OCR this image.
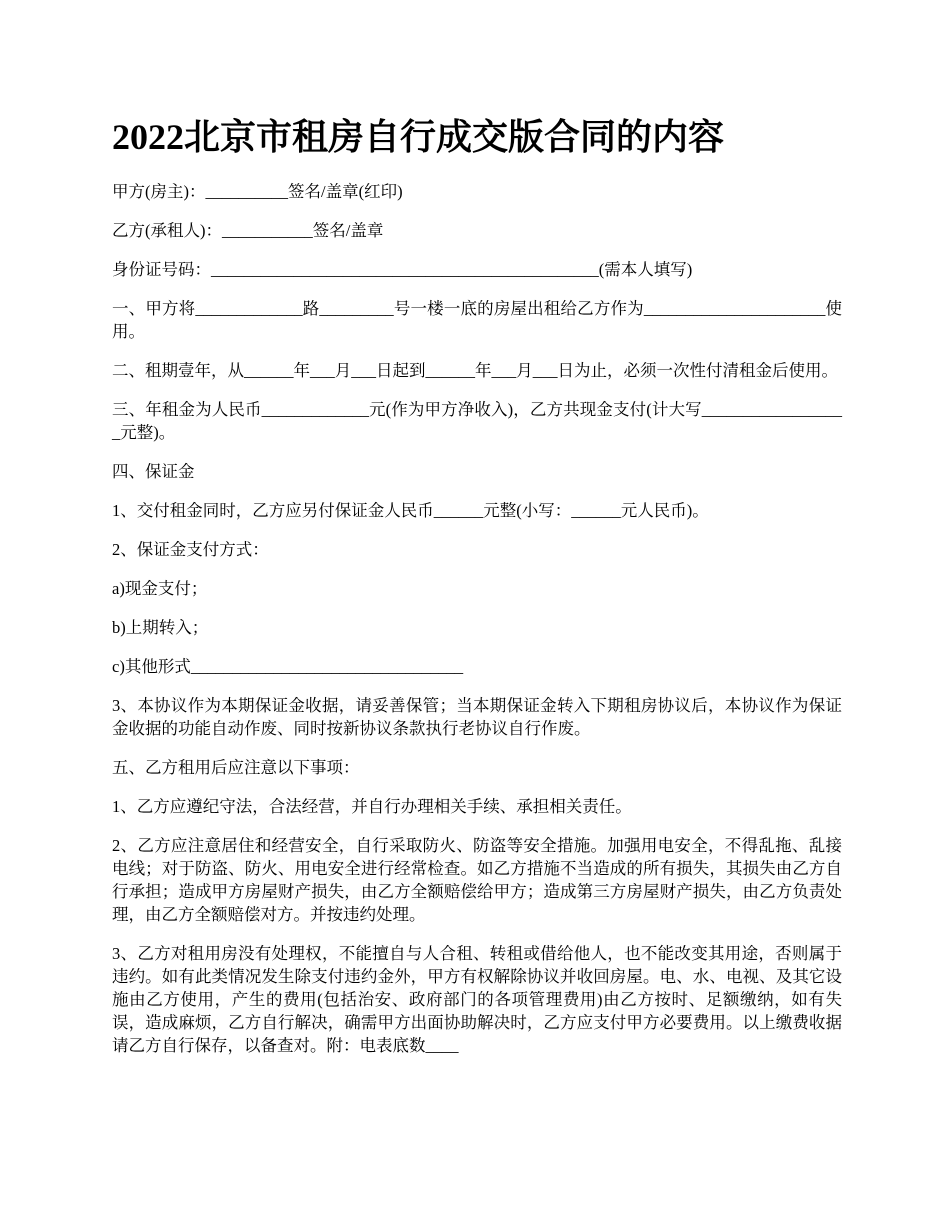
2022北京市租房自行成交版合同的内容

甲方(房主)：__________签名/盖章(红印)

乙方(承租人)：___________签名/盖章

身份证号码：_______________________________________________(需本人填写)

一、甲方将_____________路_________号一楼一底的房屋出租给乙方作为______________________使用。

二、租期壹年，从______年___月___日起到______年___月___日为止，必须一次性付清租金后使用。

三、年租金为人民币_____________元(作为甲方净收入)，乙方共现金支付(计大写__________________元整)。

四、保证金

1、交付租金同时，乙方应另付保证金人民币______元整(小写：______元人民币)。

2、保证金支付方式：

a)现金支付；

b)上期转入；

c)其他形式_________________________________

3、本协议作为本期保证金收据，请妥善保管；当本期保证金转入下期租房协议后，本协议作为保证金收据的功能自动作废、同时按新协议条款执行老协议自行作废。

五、乙方租用后应注意以下事项：

1、乙方应遵纪守法，合法经营，并自行办理相关手续、承担相关责任。

2、乙方应注意居住和经营安全，自行采取防火、防盗等安全措施。加强用电安全，不得乱拖、乱接电线；对于防盗、防火、用电安全进行经常检查。如乙方措施不当造成的所有损失，其损失由乙方自行承担；造成甲方房屋财产损失，由乙方全额赔偿给甲方；造成第三方房屋财产损失，由乙方负责处理，由乙方全额赔偿对方。并按违约处理。

3、乙方对租用房没有处理权，不能擅自与人合租、转租或借给他人，也不能改变其用途，否则属于违约。如有此类情况发生除支付违约金外，甲方有权解除协议并收回房屋。电、水、电视、及其它设施由乙方使用，产生的费用(包括治安、政府部门的各项管理费用)由乙方按时、足额缴纳，如有失误，造成麻烦，乙方自行解决，确需甲方出面协助解决时，乙方应支付甲方必要费用。以上缴费收据请乙方自行保存，以备查对。附：电表底数____
